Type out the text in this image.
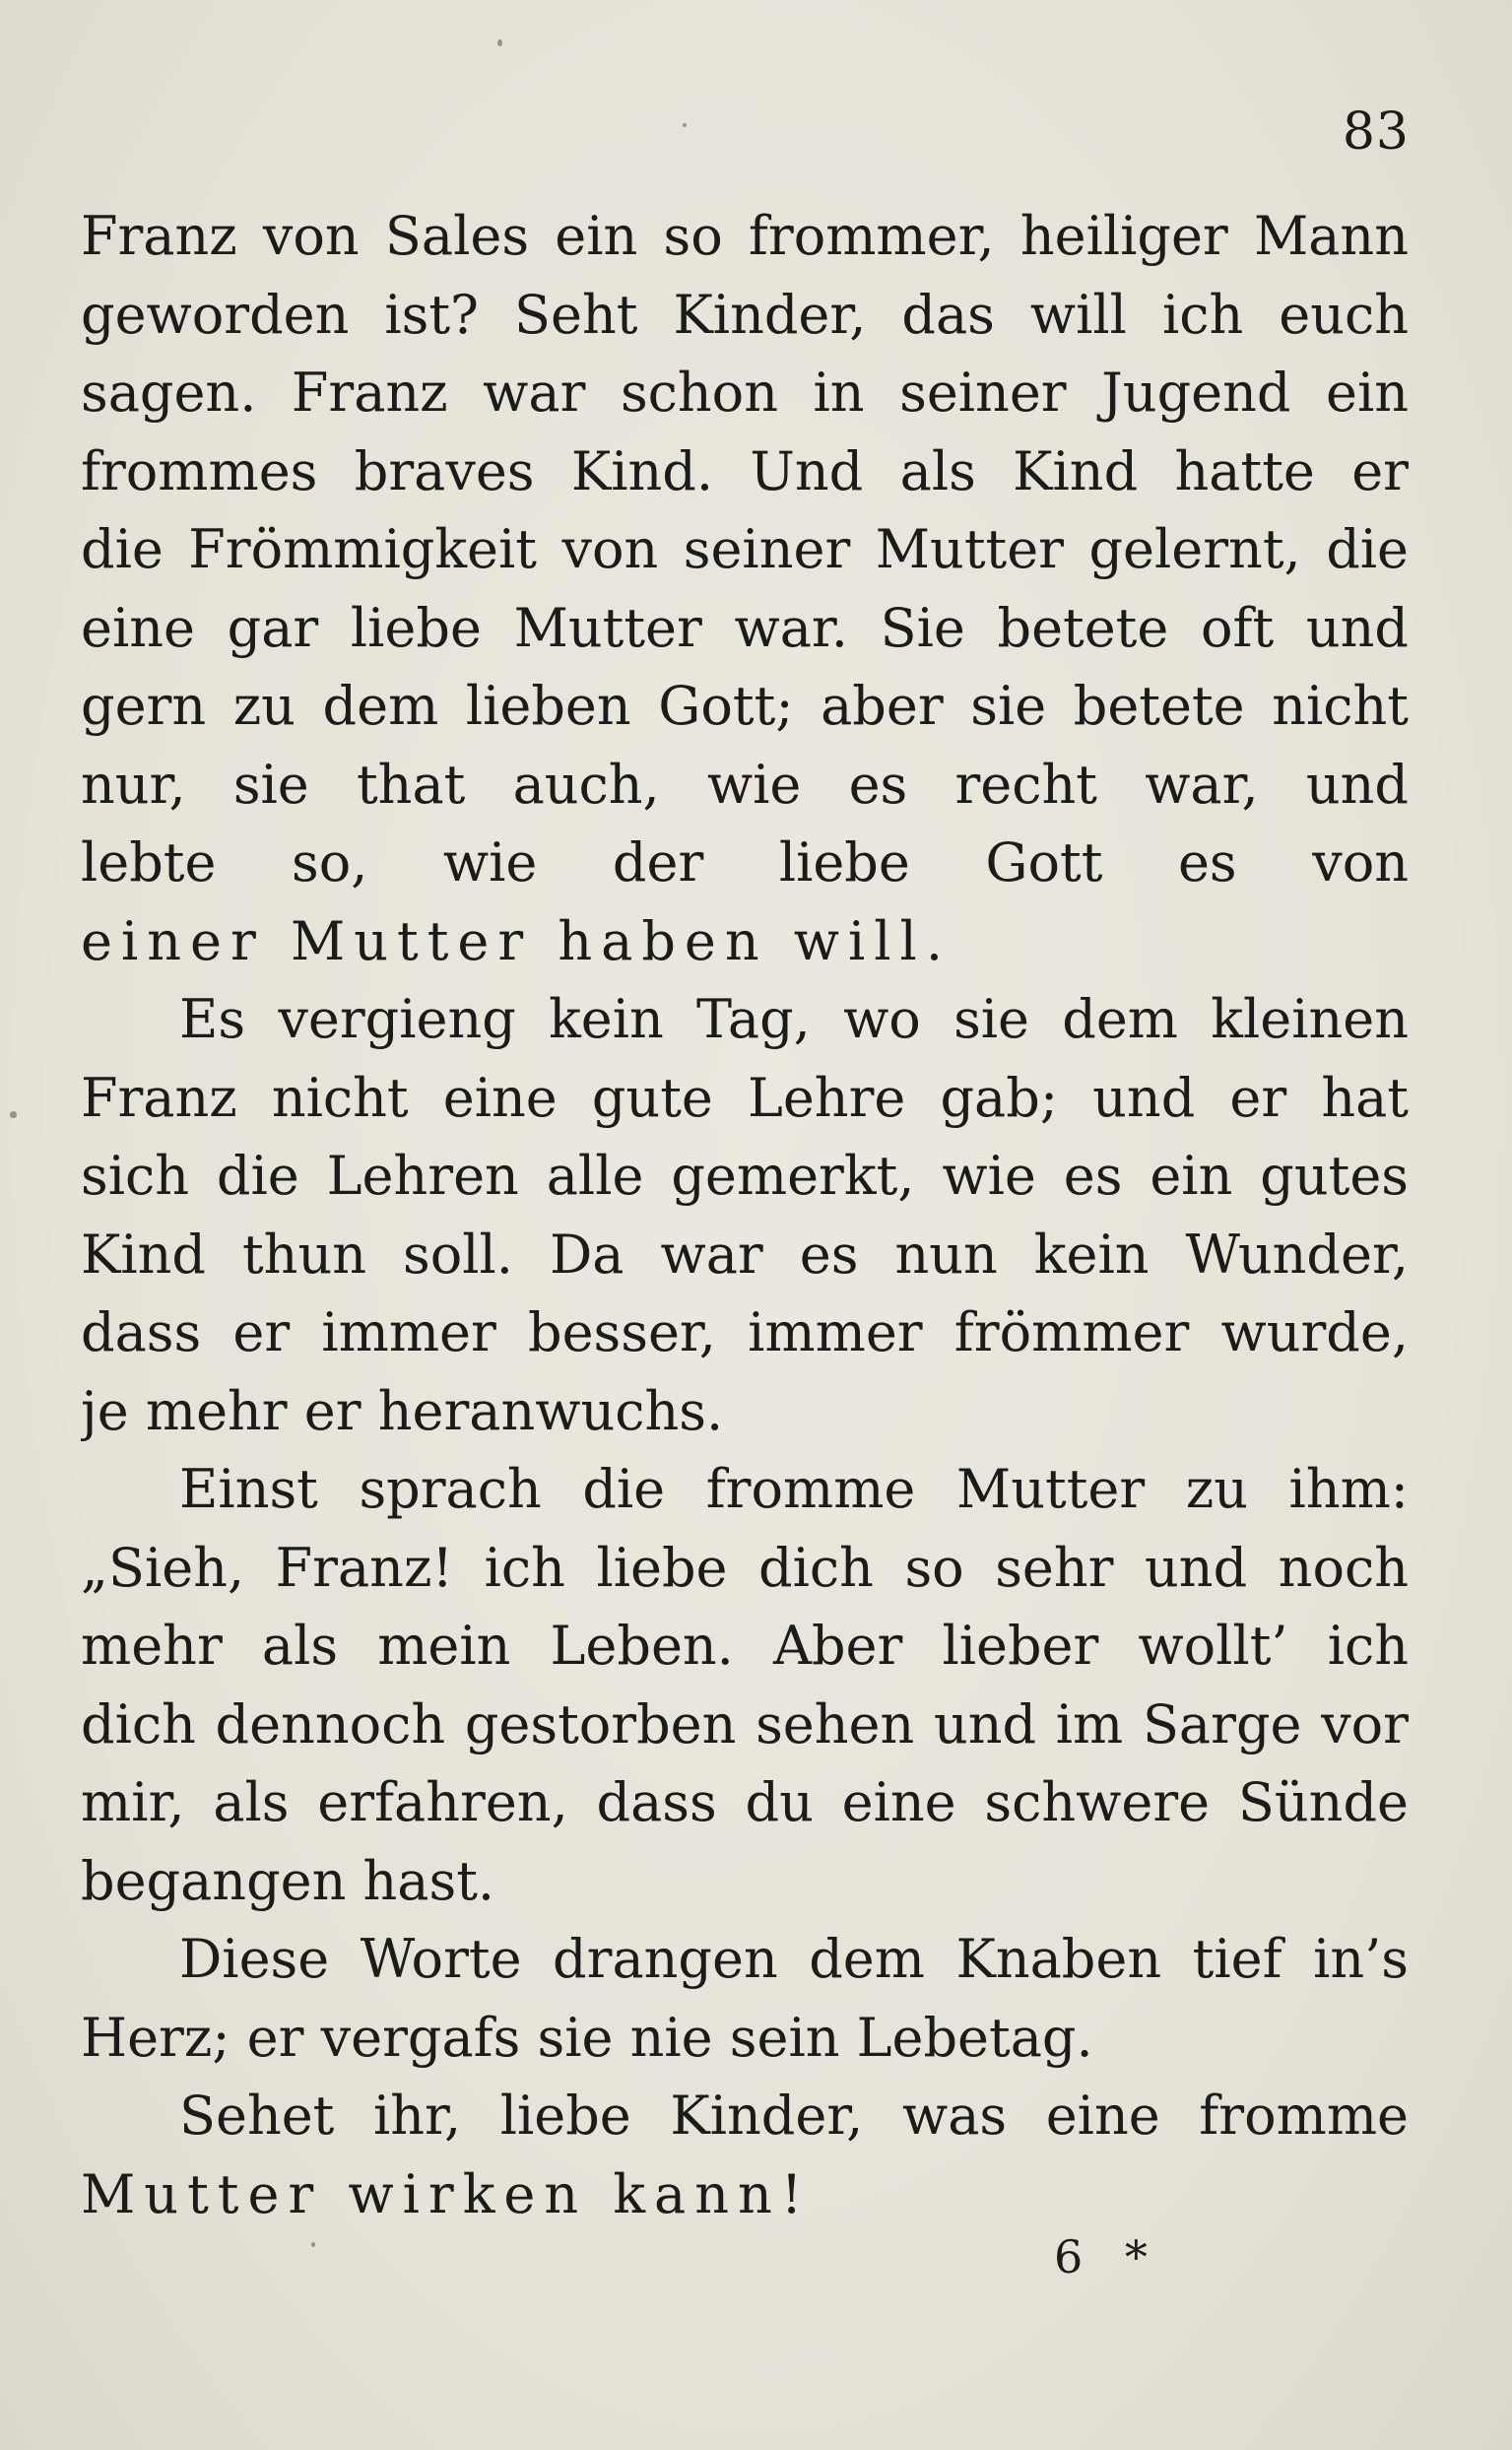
83
Franz von Sales ein so frommer, heiliger Mann
geworden ist? Seht Kinder, das will ich euch
sagen. Franz war schon in seiner Jugend ein
frommes braves Kind. Und als Kind hatte er
die Frömmigkeit von seiner Mutter gelernt, die
eine gar liebe Mutter war. Sie betete oft und
gern zu dem lieben Gott; aber sie betete nicht
nur, sie that auch, wie es recht war, und
lebte so, wie der liebe Gott es von
einer Mutter haben will.
Es vergieng kein Tag, wo sie dem kleinen
Franz nicht eine gute Lehre gab; und er hat
sich die Lehren alle gemerkt, wie es ein gutes
Kind thun soll. Da war es nun kein Wunder,
dass er immer besser, immer frömmer wurde,
je mehr er heranwuchs.
Einst sprach die fromme Mutter zu ihm:
„Sieh, Franz! ich liebe dich so sehr und noch
mehr als mein Leben. Aber lieber wollt’ ich
dich dennoch gestorben sehen und im Sarge vor
mir, als erfahren, dass du eine schwere Sünde
begangen hast.
Diese Worte drangen dem Knaben tief in’s
Herz; er vergafs sie nie sein Lebetag.
Sehet ihr, liebe Kinder, was eine fromme
Mutter wirken kann!
6 *
